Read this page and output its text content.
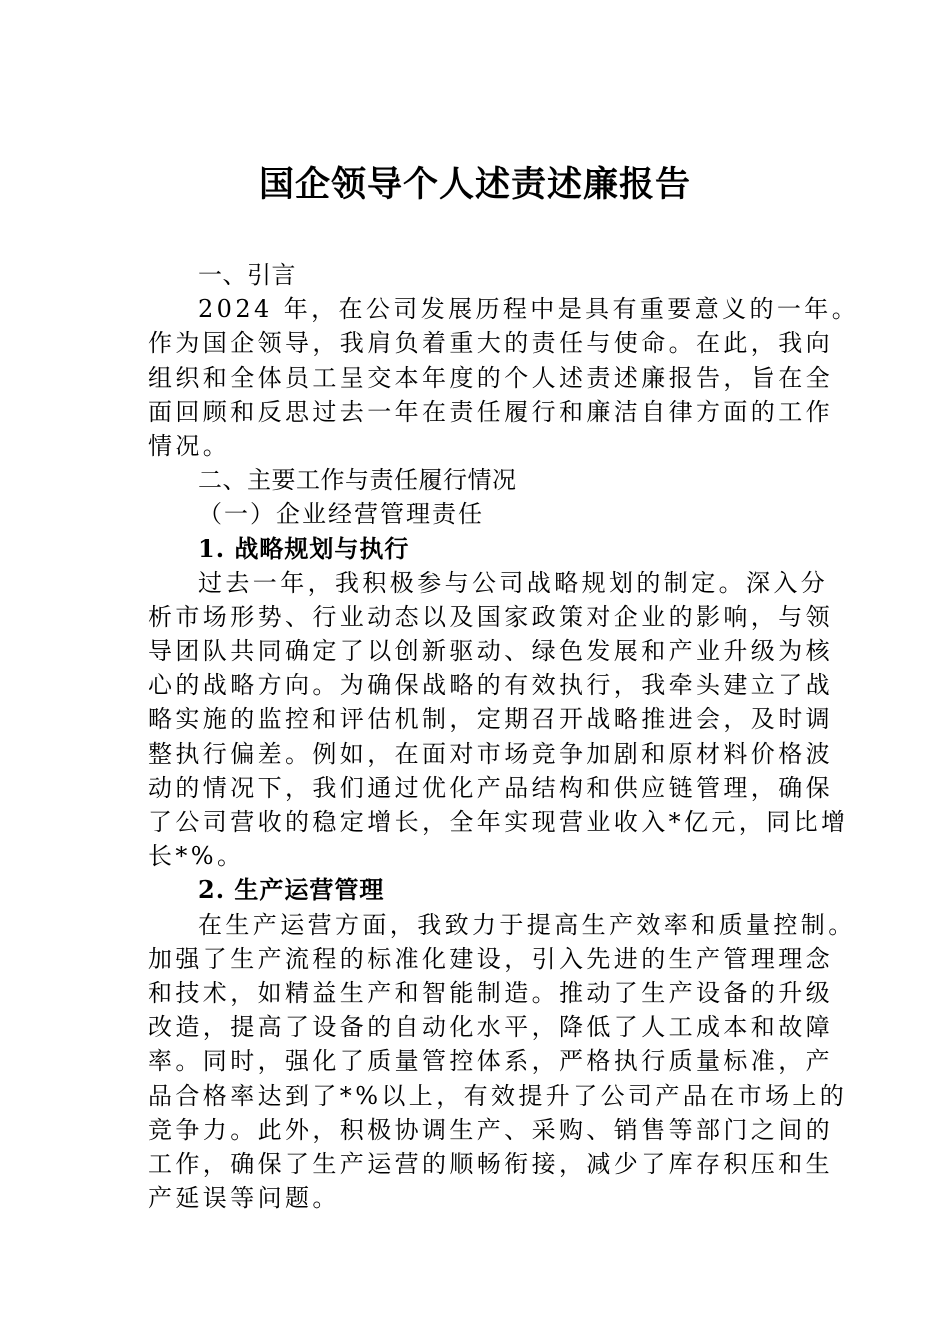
国企领导个人述责述廉报告
一、引言
2024 年，在公司发展历程中是具有重要意义的一年。
作为国企领导，我肩负着重大的责任与使命。在此，我向
组织和全体员工呈交本年度的个人述责述廉报告，旨在全
面回顾和反思过去一年在责任履行和廉洁自律方面的工作
情况。
二、主要工作与责任履行情况
（一）企业经营管理责任
1. 战略规划与执行
过去一年，我积极参与公司战略规划的制定。深入分
析市场形势、行业动态以及国家政策对企业的影响，与领
导团队共同确定了以创新驱动、绿色发展和产业升级为核
心的战略方向。为确保战略的有效执行，我牵头建立了战
略实施的监控和评估机制，定期召开战略推进会，及时调
整执行偏差。例如，在面对市场竞争加剧和原材料价格波
动的情况下，我们通过优化产品结构和供应链管理，确保
了公司营收的稳定增长，全年实现营业收入*亿元，同比增
长*%。
2. 生产运营管理
在生产运营方面，我致力于提高生产效率和质量控制。
加强了生产流程的标准化建设，引入先进的生产管理理念
和技术，如精益生产和智能制造。推动了生产设备的升级
改造，提高了设备的自动化水平，降低了人工成本和故障
率。同时，强化了质量管控体系，严格执行质量标准，产
品合格率达到了*%以上，有效提升了公司产品在市场上的
竞争力。此外，积极协调生产、采购、销售等部门之间的
工作，确保了生产运营的顺畅衔接，减少了库存积压和生
产延误等问题。
